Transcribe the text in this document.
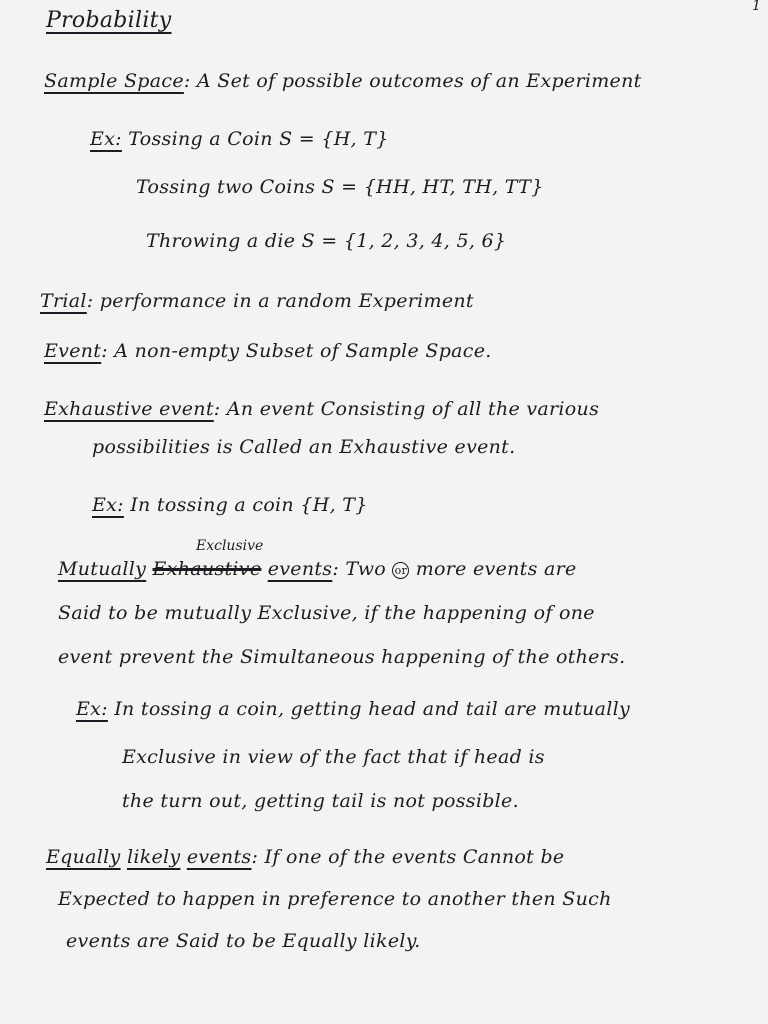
1
Probability
Sample Space: A Set of possible outcomes of an Experiment
Ex: Tossing a Coin S = {H, T}
Tossing two Coins S = {HH, HT, TH, TT}
Throwing a die S = {1, 2, 3, 4, 5, 6}
Trial: performance in a random Experiment
Event: A non-empty Subset of Sample Space.
Exhaustive event: An event Consisting of all the various
possibilities is Called an Exhaustive event.
Ex: In tossing a coin {H, T}
Exclusive
Mutually Exhaustive events: Two or more events are
Said to be mutually Exclusive, if the happening of one
event prevent the Simultaneous happening of the others.
Ex: In tossing a coin, getting head and tail are mutually
Exclusive in view of the fact that if head is
the turn out, getting tail is not possible.
Equally likely events: If one of the events Cannot be
Expected to happen in preference to another then Such
events are Said to be Equally likely.
